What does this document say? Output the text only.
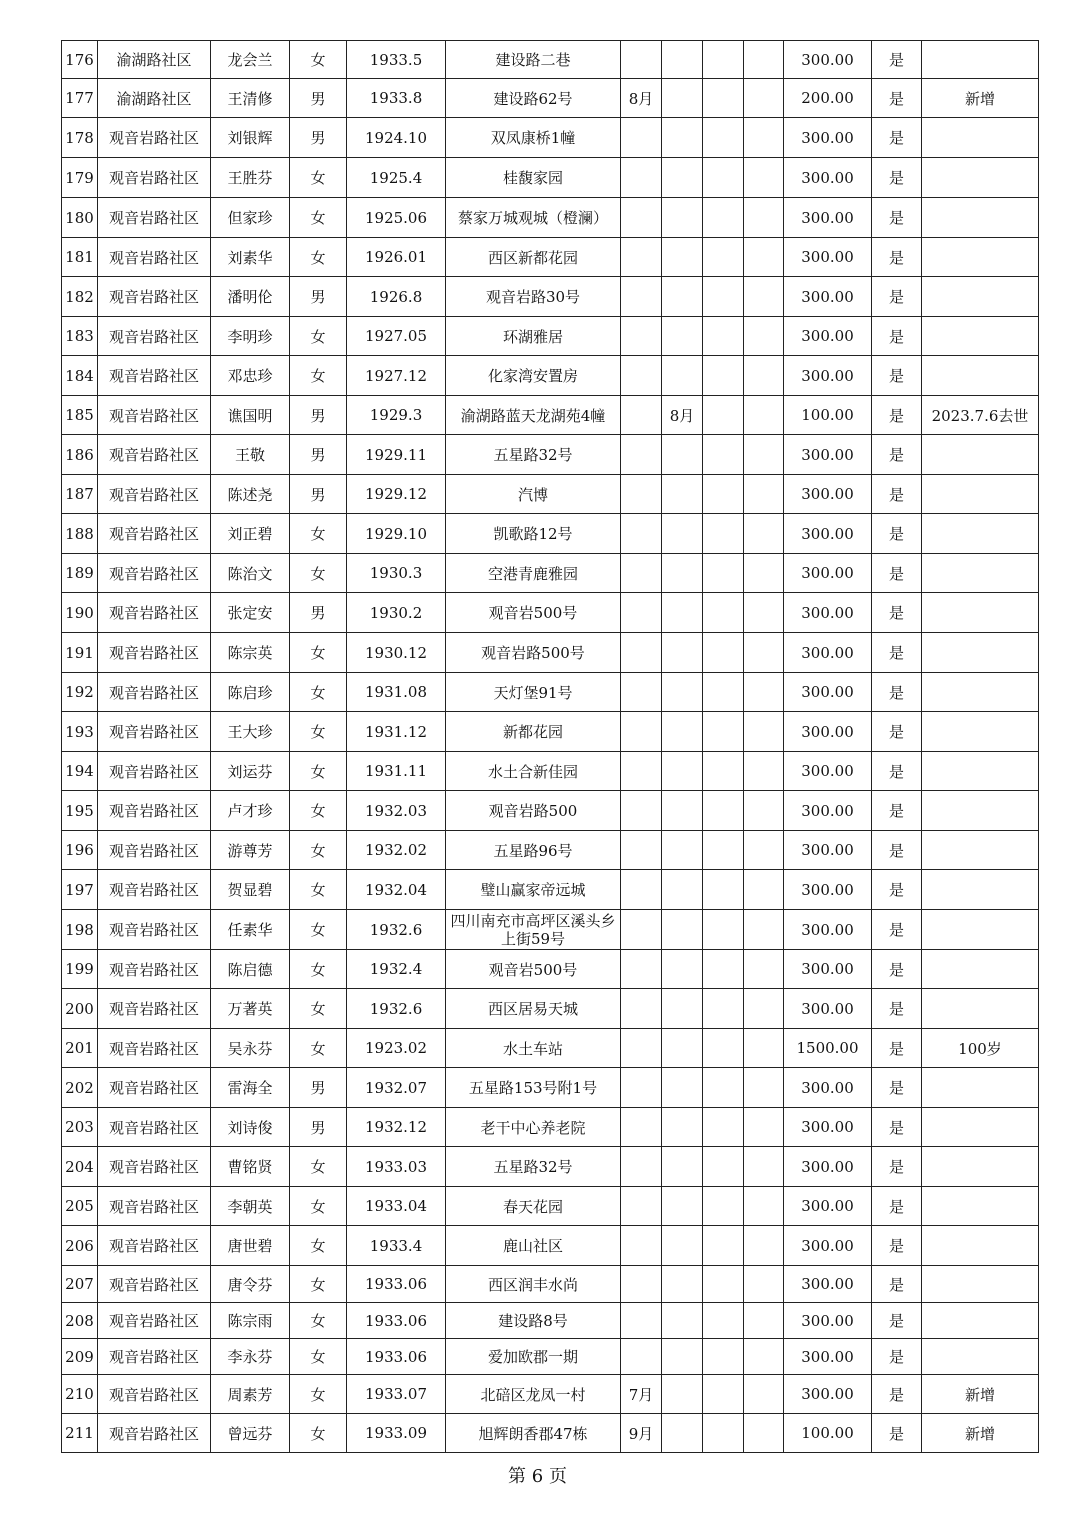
176	渝湖路社区	龙会兰	女	1933.5	建设路二巷					300.00	是	
177	渝湖路社区	王清修	男	1933.8	建设路62号	8月				200.00	是	新增
178	观音岩路社区	刘银辉	男	1924.10	双凤康桥1幢					300.00	是	
179	观音岩路社区	王胜芬	女	1925.4	桂馥家园					300.00	是	
180	观音岩路社区	但家珍	女	1925.06	蔡家万城观城（橙澜）					300.00	是	
181	观音岩路社区	刘素华	女	1926.01	西区新都花园					300.00	是	
182	观音岩路社区	潘明伦	男	1926.8	观音岩路30号					300.00	是	
183	观音岩路社区	李明珍	女	1927.05	环湖雅居					300.00	是	
184	观音岩路社区	邓忠珍	女	1927.12	化家湾安置房					300.00	是	
185	观音岩路社区	谯国明	男	1929.3	渝湖路蓝天龙湖苑4幢		8月			100.00	是	2023.7.6去世
186	观音岩路社区	王敬	男	1929.11	五星路32号					300.00	是	
187	观音岩路社区	陈述尧	男	1929.12	汽博					300.00	是	
188	观音岩路社区	刘正碧	女	1929.10	凯歌路12号					300.00	是	
189	观音岩路社区	陈治文	女	1930.3	空港青鹿雅园					300.00	是	
190	观音岩路社区	张定安	男	1930.2	观音岩500号					300.00	是	
191	观音岩路社区	陈宗英	女	1930.12	观音岩路500号					300.00	是	
192	观音岩路社区	陈启珍	女	1931.08	天灯堡91号					300.00	是	
193	观音岩路社区	王大珍	女	1931.12	新都花园					300.00	是	
194	观音岩路社区	刘运芬	女	1931.11	水土合新佳园					300.00	是	
195	观音岩路社区	卢才珍	女	1932.03	观音岩路500					300.00	是	
196	观音岩路社区	游尊芳	女	1932.02	五星路96号					300.00	是	
197	观音岩路社区	贺显碧	女	1932.04	璧山赢家帝远城					300.00	是	
198	观音岩路社区	任素华	女	1932.6	四川南充市高坪区溪头乡上街59号					300.00	是	
199	观音岩路社区	陈启德	女	1932.4	观音岩500号					300.00	是	
200	观音岩路社区	万著英	女	1932.6	西区居易天城					300.00	是	
201	观音岩路社区	吴永芬	女	1923.02	水土车站					1500.00	是	100岁
202	观音岩路社区	雷海全	男	1932.07	五星路153号附1号					300.00	是	
203	观音岩路社区	刘诗俊	男	1932.12	老干中心养老院					300.00	是	
204	观音岩路社区	曹铭贤	女	1933.03	五星路32号					300.00	是	
205	观音岩路社区	李朝英	女	1933.04	春天花园					300.00	是	
206	观音岩路社区	唐世碧	女	1933.4	鹿山社区					300.00	是	
207	观音岩路社区	唐令芬	女	1933.06	西区润丰水尚					300.00	是	
208	观音岩路社区	陈宗雨	女	1933.06	建设路8号					300.00	是	
209	观音岩路社区	李永芬	女	1933.06	爱加欧郡一期					300.00	是	
210	观音岩路社区	周素芳	女	1933.07	北碚区龙凤一村	7月				300.00	是	新增
211	观音岩路社区	曾远芬	女	1933.09	旭辉朗香郡47栋	9月				100.00	是	新增
第 6 页
